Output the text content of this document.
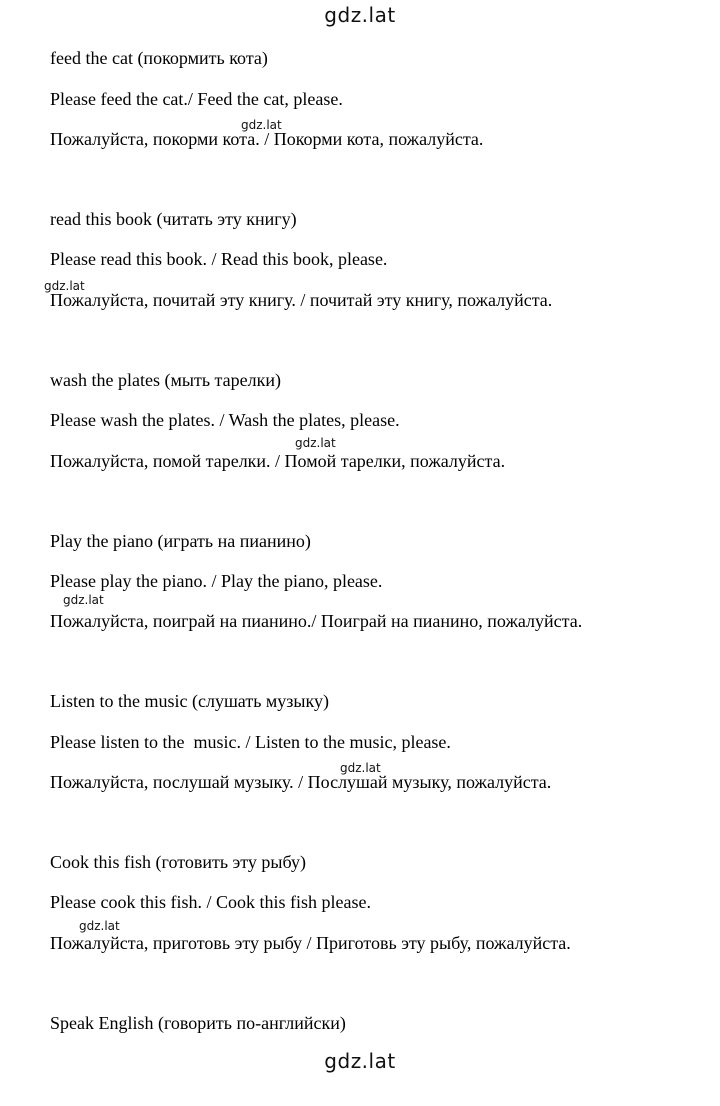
gdz.lat
feed the cat (покормить кота)
Please feed the cat./ Feed the cat, please.
Пожалуйста, покорми кота. / Покорми кота, пожалуйста.
gdz.lat
read this book (читать эту книгу)
Please read this book. / Read this book, please.
Пожалуйста, почитай эту книгу. / почитай эту книгу, пожалуйста.
gdz.lat
wash the plates (мыть тарелки)
Please wash the plates. / Wash the plates, please.
Пожалуйста, помой тарелки. / Помой тарелки, пожалуйста.
gdz.lat
Play the piano (играть на пианино)
Please play the piano. / Play the piano, please.
Пожалуйста, поиграй на пианино./ Поиграй на пианино, пожалуйста.
gdz.lat
Listen to the music (слушать музыку)
Please listen to the  music. / Listen to the music, please.
Пожалуйста, послушай музыку. / Послушай музыку, пожалуйста.
gdz.lat
Cook this fish (готовить эту рыбу)
Please cook this fish. / Cook this fish please.
Пожалуйста, приготовь эту рыбу / Приготовь эту рыбу, пожалуйста.
gdz.lat
Speak English (говорить по-английски)
gdz.lat
